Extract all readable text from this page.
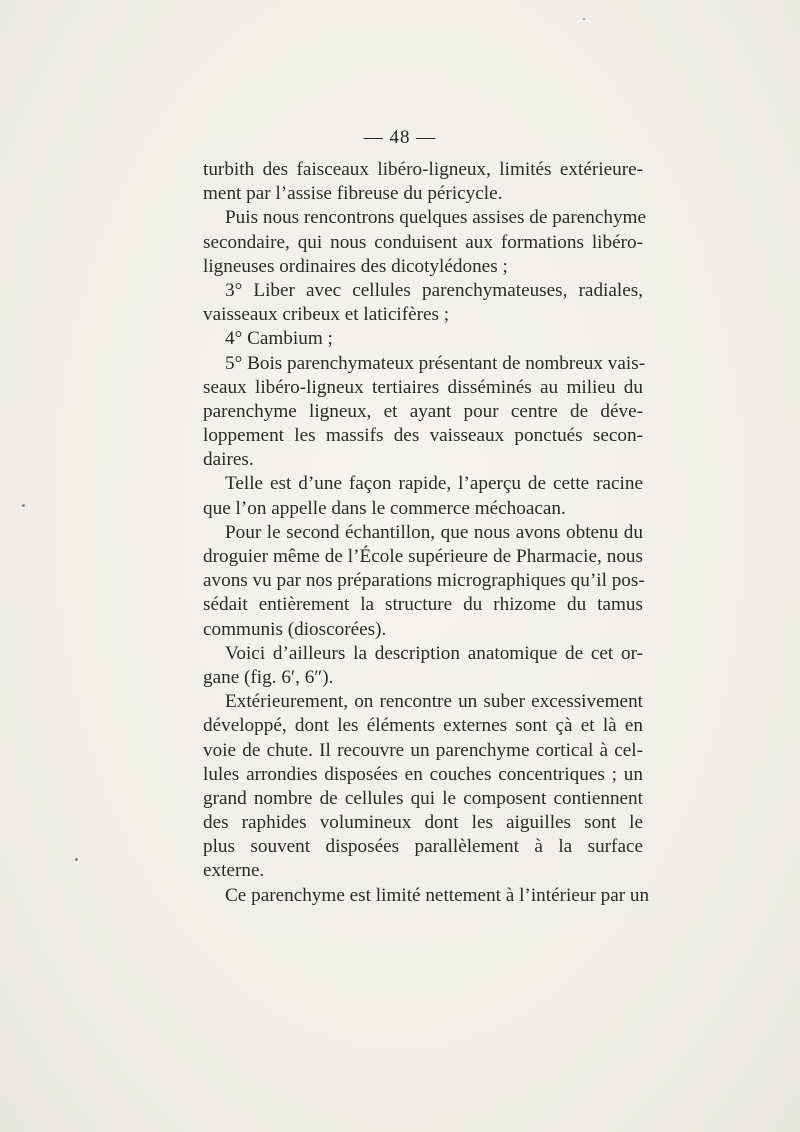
— 48 —
turbith des faisceaux libéro-ligneux, limités extérieure-
ment par l’assise fibreuse du péricycle.
Puis nous rencontrons quelques assises de parenchyme
secondaire, qui nous conduisent aux formations libéro-
ligneuses ordinaires des dicotylédones ;
3° Liber avec cellules parenchymateuses, radiales,
vaisseaux cribeux et laticifères ;
4° Cambium ;
5° Bois parenchymateux présentant de nombreux vais-
seaux libéro-ligneux tertiaires disséminés au milieu du
parenchyme ligneux, et ayant pour centre de déve-
loppement les massifs des vaisseaux ponctués secon-
daires.
Telle est d’une façon rapide, l’aperçu de cette racine
que l’on appelle dans le commerce méchoacan.
Pour le second échantillon, que nous avons obtenu du
droguier même de l’École supérieure de Pharmacie, nous
avons vu par nos préparations micrographiques qu’il pos-
sédait entièrement la structure du rhizome du tamus
communis (dioscorées).
Voici d’ailleurs la description anatomique de cet or-
gane (fig. 6′, 6″).
Extérieurement, on rencontre un suber excessivement
développé, dont les éléments externes sont çà et là en
voie de chute. Il recouvre un parenchyme cortical à cel-
lules arrondies disposées en couches concentriques ; un
grand nombre de cellules qui le composent contiennent
des raphides volumineux dont les aiguilles sont le
plus souvent disposées parallèlement à la surface
externe.
Ce parenchyme est limité nettement à l’intérieur par un
